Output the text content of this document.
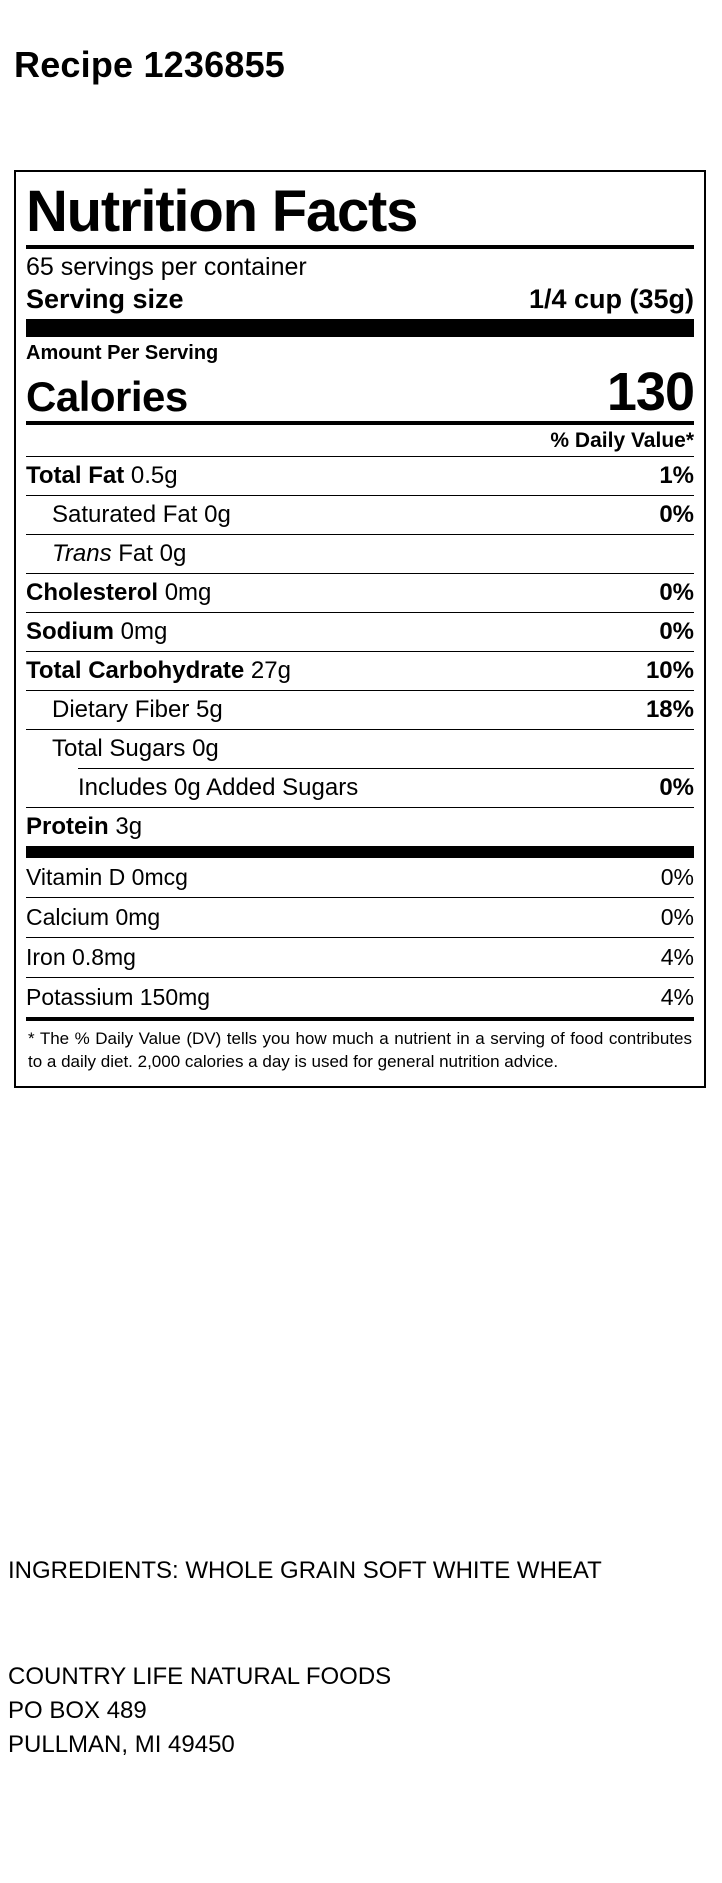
Recipe 1236855
Nutrition Facts
65 servings per container
Serving size	1/4 cup (35g)
Amount Per Serving
Calories	130
% Daily Value*
Total Fat 0.5g	1%
Saturated Fat 0g	0%
Trans Fat 0g
Cholesterol 0mg	0%
Sodium 0mg	0%
Total Carbohydrate 27g	10%
Dietary Fiber 5g	18%
Total Sugars 0g
Includes 0g Added Sugars	0%
Protein 3g
Vitamin D 0mcg	0%
Calcium 0mg	0%
Iron 0.8mg	4%
Potassium 150mg	4%
* The % Daily Value (DV) tells you how much a nutrient in a serving of food contributes to a daily diet. 2,000 calories a day is used for general nutrition advice.
INGREDIENTS: WHOLE GRAIN SOFT WHITE WHEAT
COUNTRY LIFE NATURAL FOODS
PO BOX 489
PULLMAN, MI 49450
